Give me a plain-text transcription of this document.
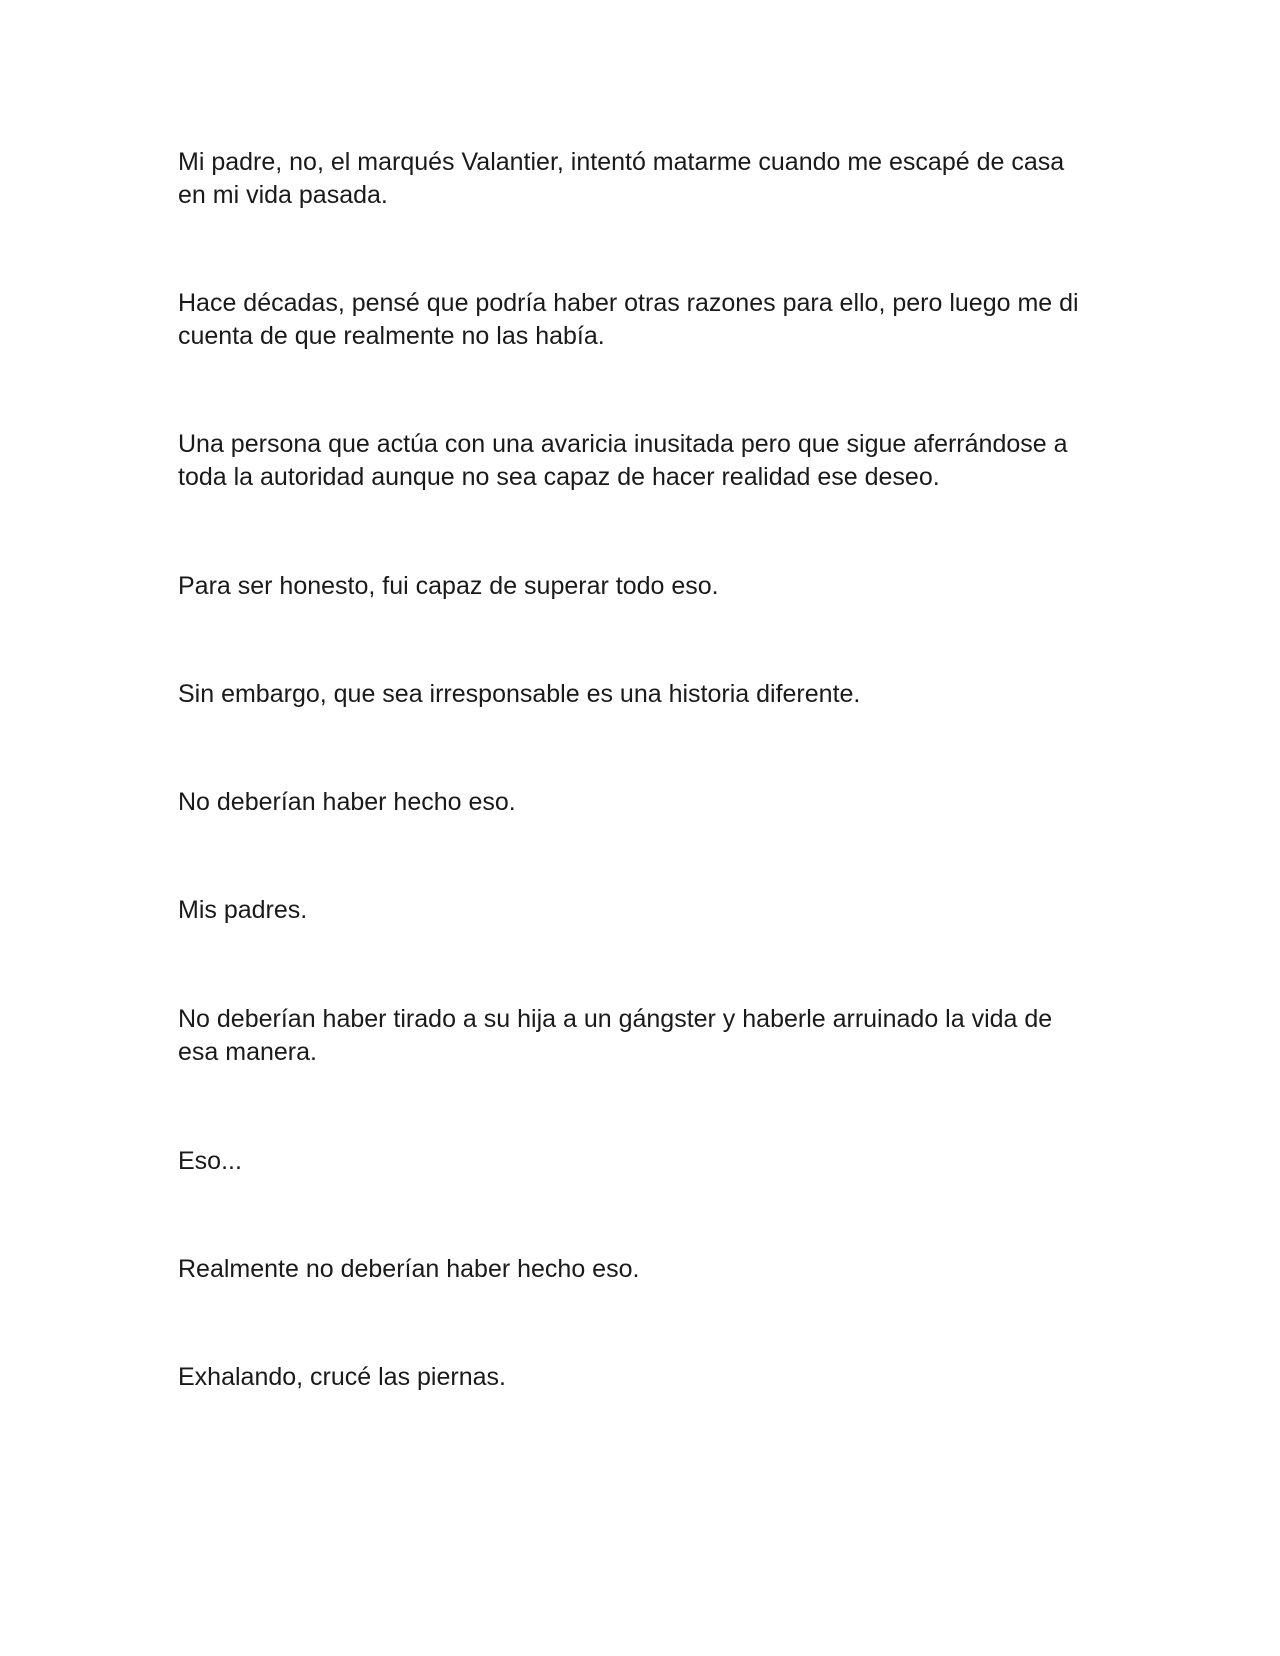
Mi padre, no, el marqués Valantier, intentó matarme cuando me escapé de casa en mi vida pasada.

Hace décadas, pensé que podría haber otras razones para ello, pero luego me di cuenta de que realmente no las había.

Una persona que actúa con una avaricia inusitada pero que sigue aferrándose a toda la autoridad aunque no sea capaz de hacer realidad ese deseo.

Para ser honesto, fui capaz de superar todo eso.

Sin embargo, que sea irresponsable es una historia diferente.

No deberían haber hecho eso.

Mis padres.

No deberían haber tirado a su hija a un gángster y haberle arruinado la vida de esa manera.

Eso...

Realmente no deberían haber hecho eso.

Exhalando, crucé las piernas.
